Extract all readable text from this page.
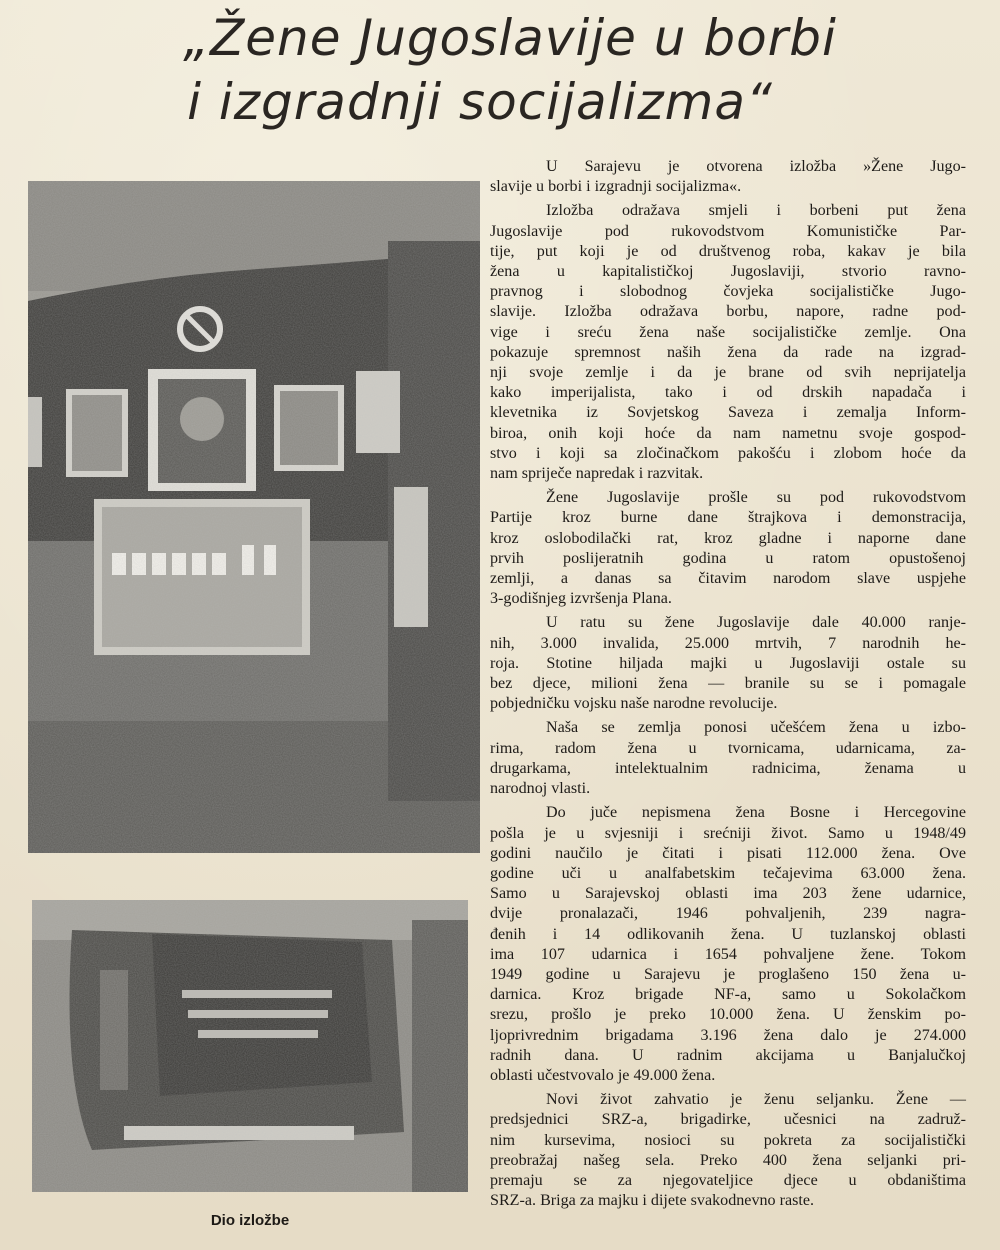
„Žene Jugoslavije u borbi
i izgradnji socijalizma“
Dio izložbe

U Sarajevu je otvorena izložba »Žene Jugo-
slavije u borbi i izgradnji socijalizma«.

Izložba odražava smjeli i borbeni put žena
Jugoslavije pod rukovodstvom Komunističke Par-
tije, put koji je od društvenog roba, kakav je bila
žena u kapitalističkoj Jugoslaviji, stvorio ravno-
pravnog i slobodnog čovjeka socijalističke Jugo-
slavije. Izložba odražava borbu, napore, radne pod-
vige i sreću žena naše socijalističke zemlje. Ona
pokazuje spremnost naših žena da rade na izgrad-
nji svoje zemlje i da je brane od svih neprijatelja
kako imperijalista, tako i od drskih napadača i
klevetnika iz Sovjetskog Saveza i zemalja Inform-
biroa, onih koji hoće da nam nametnu svoje gospod-
stvo i koji sa zločinačkom pakošću i zlobom hoće da
nam spriječe napredak i razvitak.

Žene Jugoslavije prošle su pod rukovodstvom
Partije kroz burne dane štrajkova i demonstracija,
kroz oslobodilački rat, kroz gladne i naporne dane
prvih poslijeratnih godina u ratom opustošenoj
zemlji, a danas sa čitavim narodom slave uspjehe
3-godišnjeg izvršenja Plana.

U ratu su žene Jugoslavije dale 40.000 ranje-
nih, 3.000 invalida, 25.000 mrtvih, 7 narodnih he-
roja. Stotine hiljada majki u Jugoslaviji ostale su
bez djece, milioni žena — branile su se i pomagale
pobjedničku vojsku naše narodne revolucije.

Naša se zemlja ponosi učešćem žena u izbo-
rima, radom žena u tvornicama, udarnicama, za-
drugarkama, intelektualnim radnicima, ženama u
narodnoj vlasti.

Do juče nepismena žena Bosne i Hercegovine
pošla je u svjesniji i srećniji život. Samo u 1948/49
godini naučilo je čitati i pisati 112.000 žena. Ove
godine uči u analfabetskim tečajevima 63.000 žena.
Samo u Sarajevskoj oblasti ima 203 žene udarnice,
dvije pronalazači, 1946 pohvaljenih, 239 nagra-
đenih i 14 odlikovanih žena. U tuzlanskoj oblasti
ima 107 udarnica i 1654 pohvaljene žene. Tokom
1949 godine u Sarajevu je proglašeno 150 žena u-
darnica. Kroz brigade NF-a, samo u Sokolačkom
srezu, prošlo je preko 10.000 žena. U ženskim po-
ljoprivrednim brigadama 3.196 žena dalo je 274.000
radnih dana. U radnim akcijama u Banjalučkoj
oblasti učestvovalo je 49.000 žena.

Novi život zahvatio je ženu seljanku. Žene —
predsjednici SRZ-a, brigadirke, učesnici na zadruž-
nim kursevima, nosioci su pokreta za socijalistički
preobražaj našeg sela. Preko 400 žena seljanki pri-
premaju se za njegovateljice djece u obdaništima
SRZ-a. Briga za majku i dijete svakodnevno raste.
